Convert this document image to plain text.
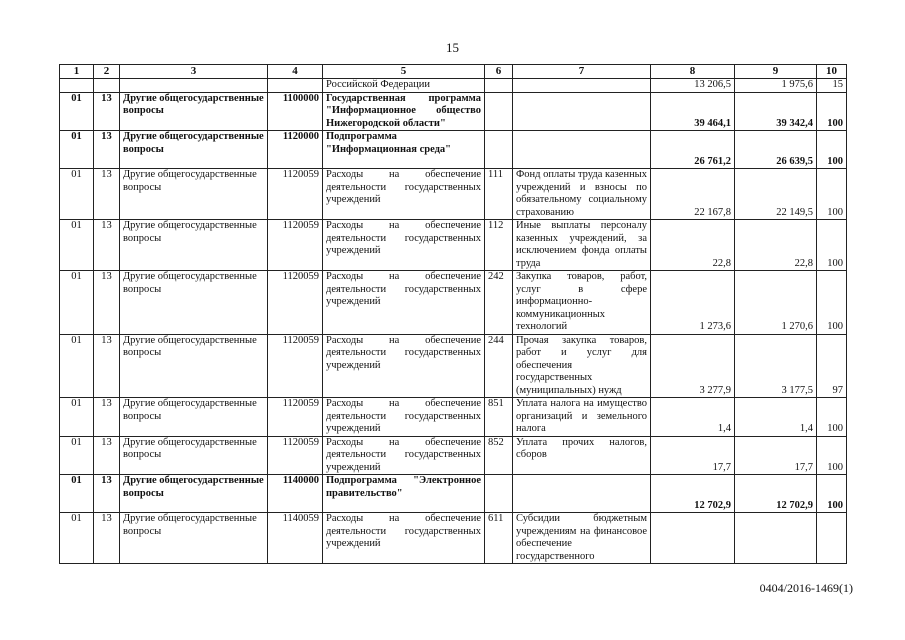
15
1	2	3	4	5	6	7	8	9	10
				Российской Федерации			13 206,5	1 975,6	15
01	13	Другие общегосударственные вопросы	1100000	Государственная программа "Информационное общество Нижегородской области"			39 464,1	39 342,4	100
01	13	Другие общегосударственные вопросы	1120000	Подпрограмма "Информационная среда"			26 761,2	26 639,5	100
01	13	Другие общегосударственные вопросы	1120059	Расходы на обеспечение деятельности государственных учреждений	111	Фонд оплаты труда казенных учреждений и взносы по обязательному социальному страхованию	22 167,8	22 149,5	100
01	13	Другие общегосударственные вопросы	1120059	Расходы на обеспечение деятельности государственных учреждений	112	Иные выплаты персоналу казенных учреждений, за исключением фонда оплаты труда	22,8	22,8	100
01	13	Другие общегосударственные вопросы	1120059	Расходы на обеспечение деятельности государственных учреждений	242	Закупка товаров, работ, услуг в сфере информационно-коммуникационных технологий	1 273,6	1 270,6	100
01	13	Другие общегосударственные вопросы	1120059	Расходы на обеспечение деятельности государственных учреждений	244	Прочая закупка товаров, работ и услуг для обеспечения государственных (муниципальных) нужд	3 277,9	3 177,5	97
01	13	Другие общегосударственные вопросы	1120059	Расходы на обеспечение деятельности государственных учреждений	851	Уплата налога на имущество организаций и земельного налога	1,4	1,4	100
01	13	Другие общегосударственные вопросы	1120059	Расходы на обеспечение деятельности государственных учреждений	852	Уплата прочих налогов, сборов	17,7	17,7	100
01	13	Другие общегосударственные вопросы	1140000	Подпрограмма "Электронное правительство"			12 702,9	12 702,9	100
01	13	Другие общегосударственные вопросы	1140059	Расходы на обеспечение деятельности государственных учреждений	611	Субсидии бюджетным учреждениям на финансовое обеспечение государственного			
0404/2016-1469(1)
